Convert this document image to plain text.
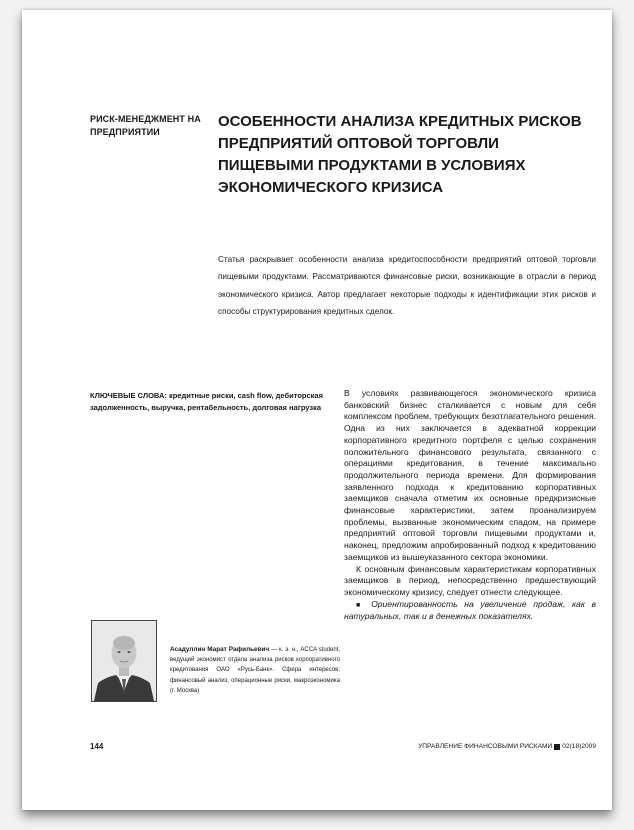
РИСК-МЕНЕДЖМЕНТ НА ПРЕДПРИЯТИИ
ОСОБЕННОСТИ АНАЛИЗА КРЕДИТНЫХ РИСКОВ ПРЕДПРИЯТИЙ ОПТОВОЙ ТОРГОВЛИ ПИЩЕВЫМИ ПРОДУКТАМИ В УСЛОВИЯХ ЭКОНОМИЧЕСКОГО КРИЗИСА

Статья раскрывает особенности анализа кредитоспособности предприятий оптовой торговли пищевыми продуктами. Рассматриваются финансовые риски, возникающие в отрасли в период экономического кризиса. Автор предлагает некоторые подходы к идентификации этих рисков и способы структурирования кредитных сделок.

КЛЮЧЕВЫЕ СЛОВА: кредитные риски, cash flow, дебиторская задолженность, выручка, рентабельность, долговая нагрузка

В условиях развивающегося экономического кризиса банковский бизнес сталкивается с новым для себя комплексом проблем, требующих безотлагательного решения. Одна из них заключается в адекватной коррекции корпоративного кредитного портфеля с целью сохранения положительного финансового результата, связанного с операциями кредитования, в течение максимально продолжительного периода времени. Для формирования заявленного подхода к кредитованию корпоративных заемщиков сначала отметим их основные предкризисные финансовые характеристики, затем проанализируем проблемы, вызванные экономическим спадом, на примере предприятий оптовой торговли пищевыми продуктами и, наконец, предложим апробированный подход к кредитованию заемщиков из вышеуказанного сектора экономики.

К основным финансовым характеристикам корпоративных заемщиков в период, непосредственно предшествующий экономическому кризису, следует отнести следующее.

■ Ориентированность на увеличение продаж, как в натуральных, так и в денежных показателях.

Асадуллин Марат Рафильевич — к. э. н., ACCA student, ведущий экономист отдела анализа рисков корпоративного кредитования ОАО «Русь-Банк». Сфера интересов: финансовый анализ, операционные риски, макроэкономика (г. Москва)

144	УПРАВЛЕНИЕ ФИНАНСОВЫМИ РИСКАМИ 02(18)2009
